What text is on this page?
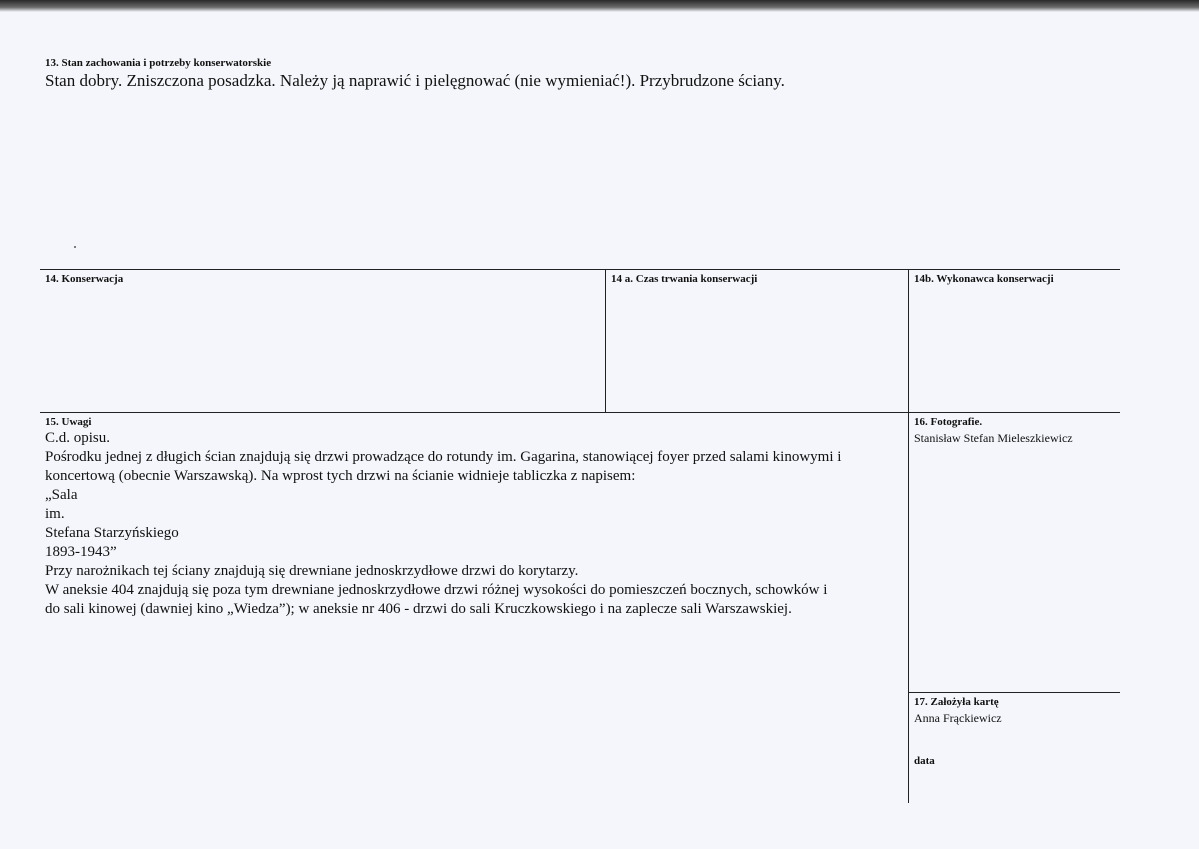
13. Stan zachowania i potrzeby konserwatorskie
Stan dobry. Zniszczona posadzka. Należy ją naprawić i pielęgnować (nie wymieniać!). Przybrudzone ściany.
14. Konserwacja	14 a. Czas trwania konserwacji	14b. Wykonawca konserwacji
15. Uwagi
C.d. opisu.
Pośrodku jednej z długich ścian znajdują się drzwi prowadzące do rotundy im. Gagarina, stanowiącej foyer przed salami kinowymi i
koncertową (obecnie Warszawską). Na wprost tych drzwi na ścianie widnieje tabliczka z napisem:
„Sala
im.
Stefana Starzyńskiego
1893-1943”
Przy narożnikach tej ściany znajdują się drewniane jednoskrzydłowe drzwi do korytarzy.
W aneksie 404 znajdują się poza tym drewniane jednoskrzydłowe drzwi różnej wysokości do pomieszczeń bocznych, schowków i
do sali kinowej (dawniej kino „Wiedza”); w aneksie nr 406 - drzwi do sali Kruczkowskiego i na zaplecze sali Warszawskiej.
16. Fotografie.
Stanisław Stefan Mieleszkiewicz
17. Założyła kartę
Anna Frąckiewicz
data
